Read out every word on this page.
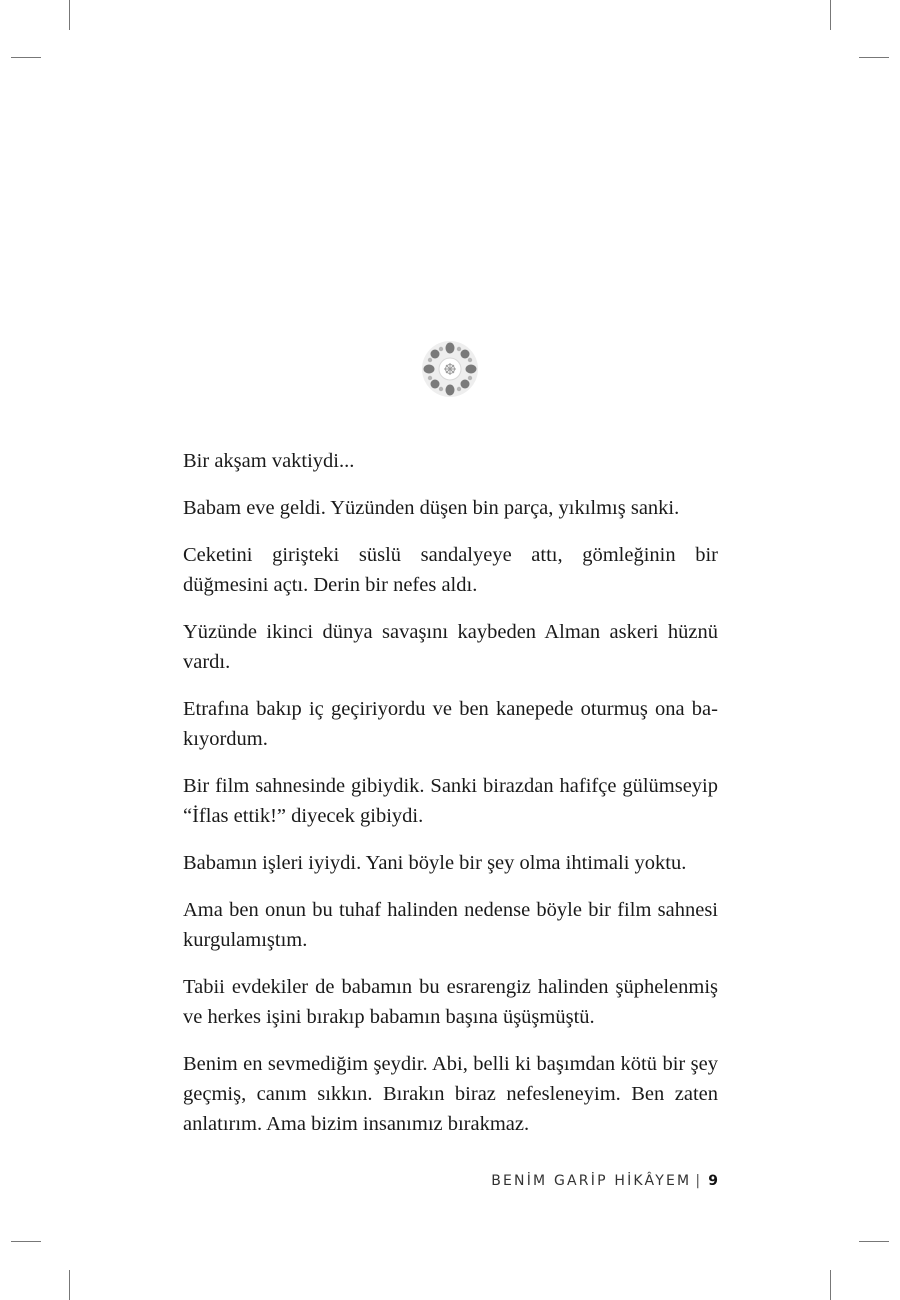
Bir akşam vaktiydi...

Babam eve geldi. Yüzünden düşen bin parça, yıkılmış sanki.

Ceketini girişteki süslü sandalyeye attı, gömleğinin bir düğmesini açtı. Derin bir nefes aldı.

Yüzünde ikinci dünya savaşını kaybeden Alman askeri hüznü vardı.

Etrafına bakıp iç geçiriyordu ve ben kanepede oturmuş ona bakıyordum.

Bir film sahnesinde gibiydik. Sanki birazdan hafifçe gülümseyip “İflas ettik!” diyecek gibiydi.

Babamın işleri iyiydi. Yani böyle bir şey olma ihtimali yoktu.

Ama ben onun bu tuhaf halinden nedense böyle bir film sahnesi kurgulamıştım.

Tabii evdekiler de babamın bu esrarengiz halinden şüphelenmiş ve herkes işini bırakıp babamın başına üşüşmüştü.

Benim en sevmediğim şeydir. Abi, belli ki başımdan kötü bir şey geçmiş, canım sıkkın. Bırakın biraz nefesleneyim. Ben zaten anlatırım. Ama bizim insanımız bırakmaz.

BENİM GARİP HİKÂYEM | 9
